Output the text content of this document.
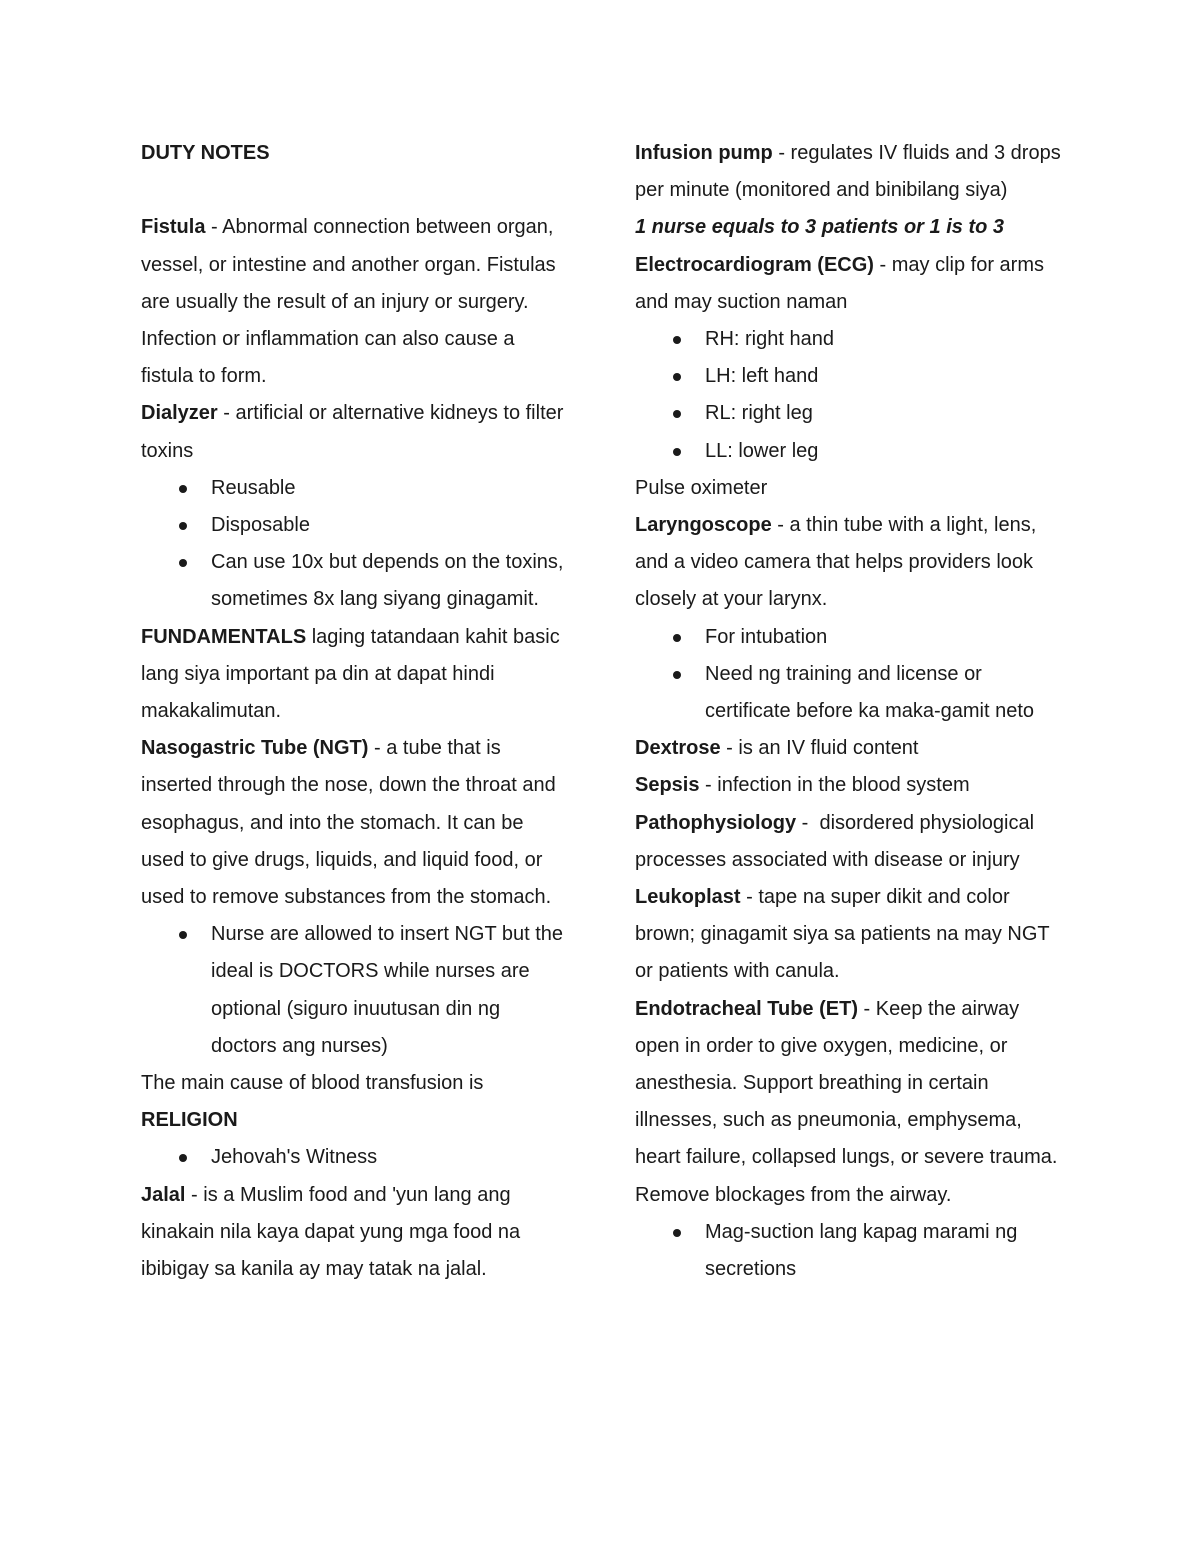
DUTY NOTES

Fistula - Abnormal connection between organ, vessel, or intestine and another organ. Fistulas are usually the result of an injury or surgery. Infection or inflammation can also cause a fistula to form.

Dialyzer - artificial or alternative kidneys to filter toxins

Reusable
Disposable
Can use 10x but depends on the toxins, sometimes 8x lang siyang ginagamit.

FUNDAMENTALS laging tatandaan kahit basic lang siya important pa din at dapat hindi makakalimutan.

Nasogastric Tube (NGT) - a tube that is inserted through the nose, down the throat and esophagus, and into the stomach. It can be used to give drugs, liquids, and liquid food, or used to remove substances from the stomach.

Nurse are allowed to insert NGT but the ideal is DOCTORS while nurses are optional (siguro inuutusan din ng doctors ang nurses)

The main cause of blood transfusion is

RELIGION

Jehovah's Witness

Jalal - is a Muslim food and 'yun lang ang kinakain nila kaya dapat yung mga food na ibibigay sa kanila ay may tatak na jalal.

Infusion pump - regulates IV fluids and 3 drops per minute (monitored and binibilang siya)

1 nurse equals to 3 patients or 1 is to 3

Electrocardiogram (ECG) - may clip for arms and may suction naman

RH: right hand
LH: left hand
RL: right leg
LL: lower leg

Pulse oximeter

Laryngoscope - a thin tube with a light, lens, and a video camera that helps providers look closely at your larynx.

For intubation
Need ng training and license or certificate before ka maka-gamit neto

Dextrose - is an IV fluid content

Sepsis - infection in the blood system

Pathophysiology -  disordered physiological processes associated with disease or injury

Leukoplast - tape na super dikit and color brown; ginagamit siya sa patients na may NGT or patients with canula.

Endotracheal Tube (ET) - Keep the airway open in order to give oxygen, medicine, or anesthesia. Support breathing in certain illnesses, such as pneumonia, emphysema, heart failure, collapsed lungs, or severe trauma. Remove blockages from the airway.

Mag-suction lang kapag marami ng secretions
